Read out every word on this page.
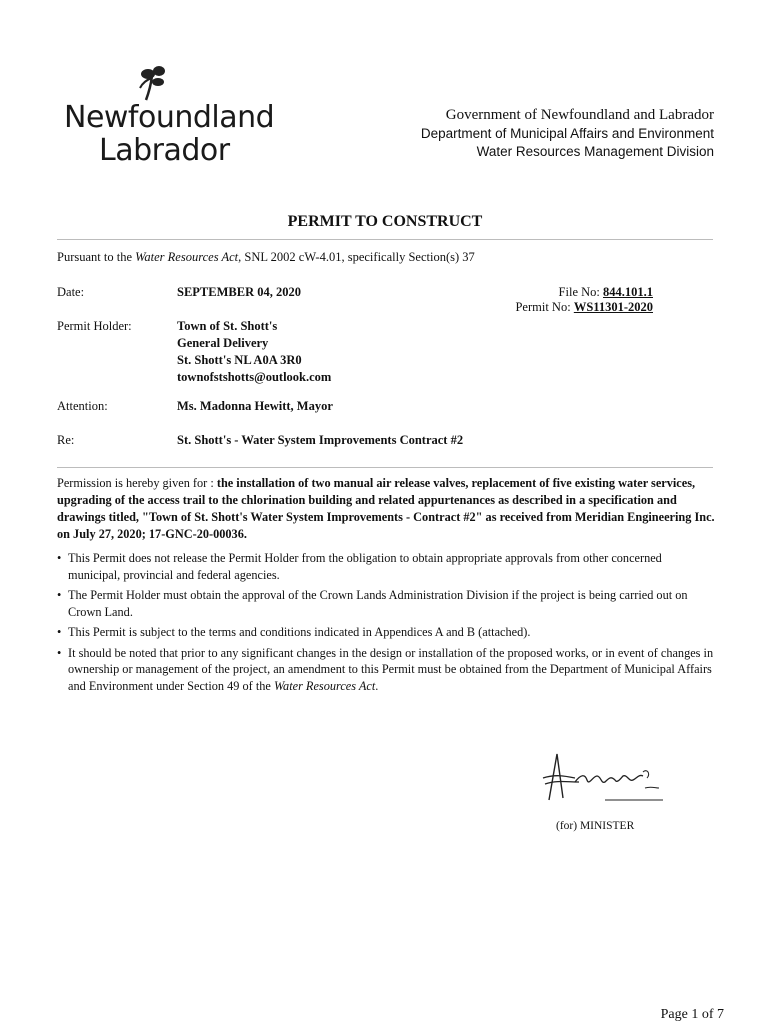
Newfoundland
Labrador
Government of Newfoundland and Labrador
Department of Municipal Affairs and Environment
Water Resources Management Division
PERMIT TO CONSTRUCT
Pursuant to the Water Resources Act, SNL 2002 cW-4.01, specifically Section(s) 37
Date:	SEPTEMBER 04, 2020	File No: 844.101.1
Permit No: WS11301-2020
Permit Holder:	Town of St. Shott's
General Delivery
St. Shott's NL A0A 3R0
townofstshotts@outlook.com
Attention:	Ms. Madonna Hewitt, Mayor
Re:	St. Shott's - Water System Improvements Contract #2
Permission is hereby given for : the installation of two manual air release valves, replacement of five existing water services, upgrading of the access trail to the chlorination building and related appurtenances as described in a specification and drawings titled, "Town of St. Shott's Water System Improvements - Contract #2" as received from Meridian Engineering Inc. on July 27, 2020; 17-GNC-20-00036.
• This Permit does not release the Permit Holder from the obligation to obtain appropriate approvals from other concerned municipal, provincial and federal agencies.
• The Permit Holder must obtain the approval of the Crown Lands Administration Division if the project is being carried out on Crown Land.
• This Permit is subject to the terms and conditions indicated in Appendices A and B (attached).
• It should be noted that prior to any significant changes in the design or installation of the proposed works, or in event of changes in ownership or management of the project, an amendment to this Permit must be obtained from the Department of Municipal Affairs and Environment under Section 49 of the Water Resources Act.
(for) MINISTER
Page 1 of 7
